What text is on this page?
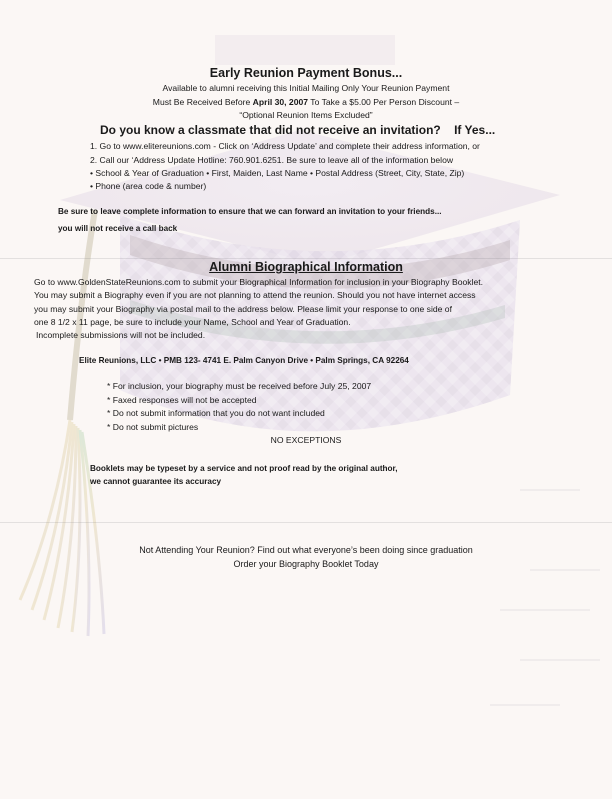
Early Reunion Payment Bonus...
Available to alumni receiving this Initial Mailing Only Your Reunion Payment
Must Be Received Before April 30, 2007 To Take a $5.00 Per Person Discount –
“Optional Reunion Items Excluded”
Do you know a classmate that did not receive an invitation? If Yes...
1. Go to www.elitereunions.com - Click on ‘Address Update’ and complete their address information, or
2. Call our ‘Address Update Hotline: 760.901.6251. Be sure to leave all of the information below
• School & Year of Graduation • First, Maiden, Last Name • Postal Address (Street, City, State, Zip)
• Phone (area code & number)
Be sure to leave complete information to ensure that we can forward an invitation to your friends...
you will not receive a call back
Alumni Biographical Information
Go to www.GoldenStateReunions.com to submit your Biographical Information for inclusion in your Biography Booklet.
You may submit a Biography even if you are not planning to attend the reunion. Should you not have internet access
you may submit your Biography via postal mail to the address below. Please limit your response to one side of
one 8 1/2 x 11 page, be sure to include your Name, School and Year of Graduation.
Incomplete submissions will not be included.
Elite Reunions, LLC • PMB 123- 4741 E. Palm Canyon Drive • Palm Springs, CA 92264
* For inclusion, your biography must be received before July 25, 2007
* Faxed responses will not be accepted
* Do not submit information that you do not want included
* Do not submit pictures
NO EXCEPTIONS
Booklets may be typeset by a service and not proof read by the original author,
we cannot guarantee its accuracy
Not Attending Your Reunion? Find out what everyone’s been doing since graduation
Order your Biography Booklet Today
